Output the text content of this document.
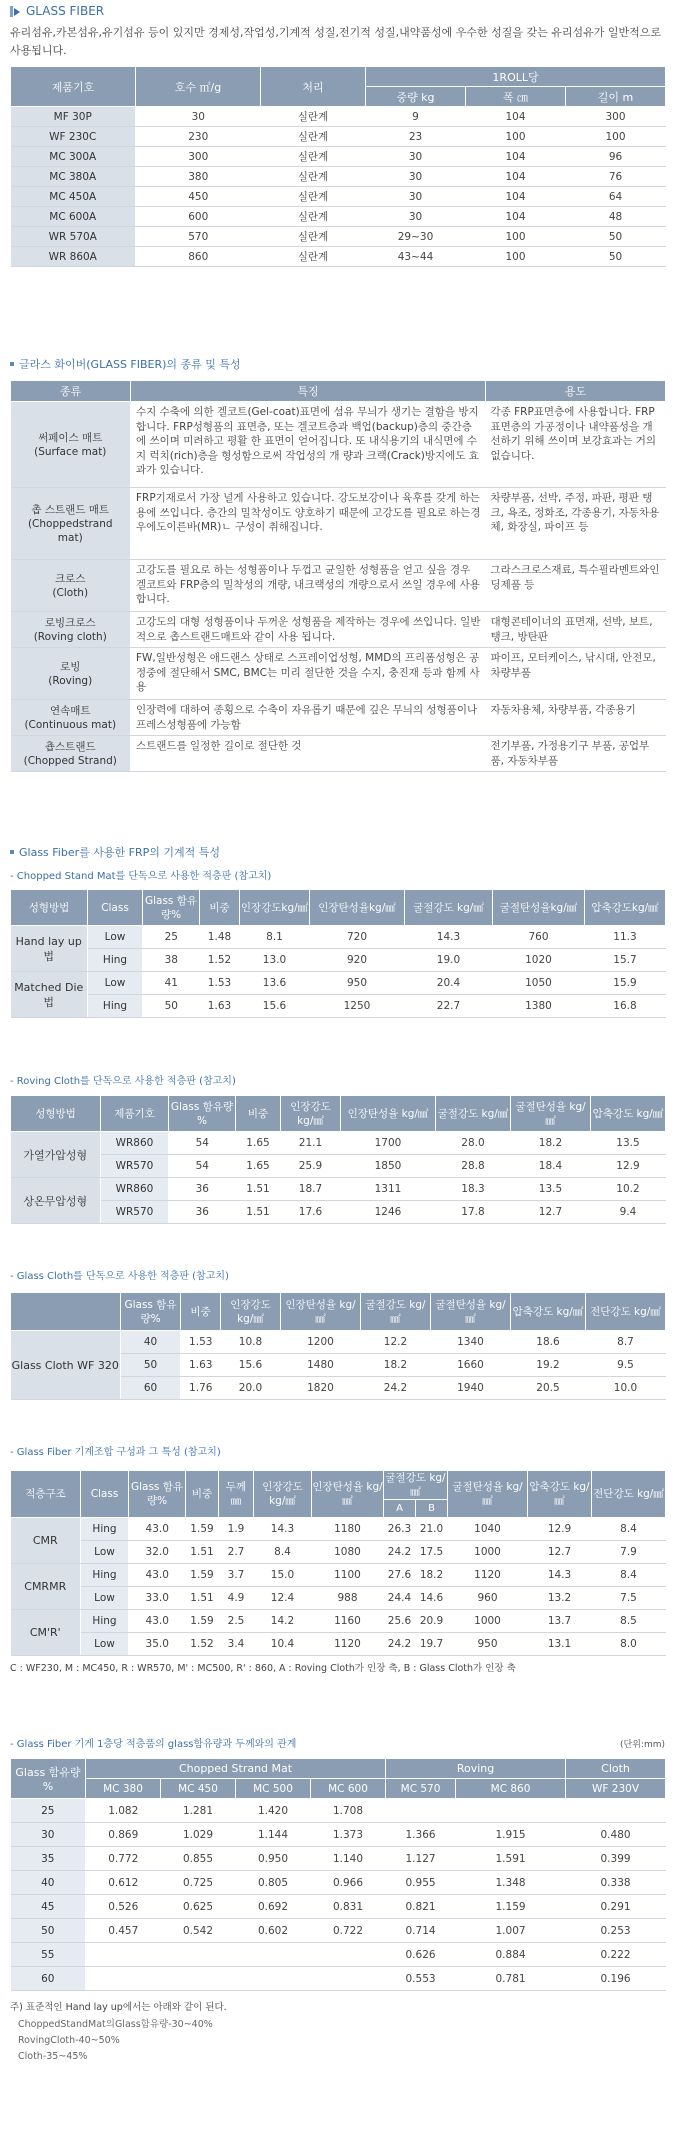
GLASS FIBER
유리섬유,카본섬유,유기섬유 등이 있지만 경제성,작업성,기계적 성질,전기적 성질,내약품성에 우수한 성질을 갖는 유리섬유가 일반적으로 사용됩니다.
제품기호	호수 ㎡/g	처리	1ROLL당		
			중량 kg	폭 ㎝	길이 m
MF 30P	30	실란계	9	104	300
WF 230C	230	실란계	23	100	100
MC 300A	300	실란계	30	104	96
MC 380A	380	실란계	30	104	76
MC 450A	450	실란계	30	104	64
MC 600A	600	실란계	30	104	48
WR 570A	570	실란계	29~30	100	50
WR 860A	860	실란계	43~44	100	50
글라스 화이버(GLASS FIBER)의 종류 및 특성
종류	특징	용도
써페이스 매트
(Surface mat)	수지 수축에 의한 겔코트(Gel-coat)표면에 섬유 무늬가 생기는 결함을 방지합니다. FRP성형품의 표면층, 또는 겔코트층과 백업(backup)층의 중간층에 쓰이며 미려하고 평활 한 표면이 얻어집니다. 또 내식용기의 내식면에 수지 럭치(rich)층을 형성함으로써 작업성의 개 량과 크랙(Crack)방지에도 효과가 있습니다.	각종 FRP표면층에 사용합니다. FRP표면층의 가공정이나 내약품성을 개선하기 위해 쓰이며 보강효과는 거의 없습니다.
촙 스트랜드 매트
(Choppedstrand
mat)	FRP기재로서 가장 널게 사용하고 있습니다. 강도보강이나 육후를 갖게 하는 용에 쓰입니다. 층간의 밀착성이도 양호하기 때문에 고강도를 필요로 하는경우에도이른바(MR)ㄴ 구성이 취해집니다.	차량부품, 선박, 주정, 파판, 평판 탱크, 욕조, 정화조, 각종용기, 자동차용체, 화장실, 파이프 등
크로스
(Cloth)	고강도를 필요로 하는 성형품이나 두껍고 균일한 성형품을 얻고 싶을 경우 겔코트와 FRP층의 밀착성의 개량, 내크랙성의 개량으로서 쓰일 경우에 사용합니다.	그라스크로스재료, 특수필라멘트와인딩제품 등
로빙크로스
(Roving cloth)	고강도의 대형 성형품이나 두꺼운 성형품을 제작하는 경우에 쓰입니다. 일반적으로 촙스트랜드매트와 같이 사용 됩니다.	대형콘테이너의 표면재, 선박, 보트, 탱크, 방탄판
로빙
(Roving)	FW,일반성형은 애드랜스 상태로 스프레이업성형, MMD의 프리폼성형은 공정중에 절단해서 SMC, BMC는 미리 절단한 것을 수지, 충진재 등과 함께 사용	파이프, 모터케이스, 낚시대, 안전모, 차량부품
연속매트
(Continuous mat)	인장력에 대하여 종횡으로 수축이 자유롭기 때문에 깊은 무늬의 성형품이나 프레스성형품에 가능함	자동차용체, 차량부품, 각종용기
춉스트랜드
(Chopped Strand)	스트랜드를 일정한 길이로 절단한 것	전기부품, 가정용기구 부품, 공업부품, 자동차부품
Glass Fiber를 사용한 FRP의 기계적 특성
- Chopped Stand Mat를 단독으로 사용한 적층판 (참고치)
성형방법	Class	Glass 함유량%	비중	인장강도kg/㎟	인장탄성율kg/㎟	굴절강도 kg/㎟	굴절탄성율kg/㎟	압축강도kg/㎟
Hand lay up법	Low	25	1.48	8.1	720	14.3	760	11.3
	Hing	38	1.52	13.0	920	19.0	1020	15.7
Matched Die법	Low	41	1.53	13.6	950	20.4	1050	15.9
	Hing	50	1.63	15.6	1250	22.7	1380	16.8
- Roving Cloth를 단독으로 사용한 적층판 (참고치)
성형방법	제품기호	Glass 함유량 %	비중	인장강도 kg/㎟	인장탄성율 kg/㎟	굴절강도 kg/㎟	굴절탄성율 kg/㎟	압축강도 kg/㎟
가열가압성형	WR860	54	1.65	21.1	1700	28.0	18.2	13.5
	WR570	54	1.65	25.9	1850	28.8	18.4	12.9
상온무압성형	WR860	36	1.51	18.7	1311	18.3	13.5	10.2
	WR570	36	1.51	17.6	1246	17.8	12.7	9.4
- Glass Cloth를 단독으로 사용한 적층판 (참고치)
	Glass 함유량%	비중	인장강도 kg/㎟	인장탄성율 kg/㎟	굴절강도 kg/㎟	굴절탄성율 kg/㎟	압축강도 kg/㎟	전단강도 kg/㎟
Glass Cloth WF 320	40	1.53	10.8	1200	12.2	1340	18.6	8.7
	50	1.63	15.6	1480	18.2	1660	19.2	9.5
	60	1.76	20.0	1820	24.2	1940	20.5	10.0
- Glass Fiber 기계조합 구성과 그 특성 (참고치)
적층구조	Class	Glass 함유량%	비중	두께 ㎜	인장강도 kg/㎟	인장탄성율 kg/㎟	굴절강도 kg/㎟		굴절탄성율 kg/㎟	압축강도 kg/㎟	전단강도 kg/㎟
							A	B			
CMR	Hing	43.0	1.59	1.9	14.3	1180	26.3	21.0	1040	12.9	8.4
	Low	32.0	1.51	2.7	8.4	1080	24.2	17.5	1000	12.7	7.9
CMRMR	Hing	43.0	1.59	3.7	15.0	1100	27.6	18.2	1120	14.3	8.4
	Low	33.0	1.51	4.9	12.4	988	24.4	14.6	960	13.2	7.5
CM'R'	Hing	43.0	1.59	2.5	14.2	1160	25.6	20.9	1000	13.7	8.5
	Low	35.0	1.52	3.4	10.4	1120	24.2	19.7	950	13.1	8.0
C : WF230, M : MC450, R : WR570, M' : MC500, R' : 860, A : Roving Cloth가 인장 축, B : Glass Cloth가 인장 축
- Glass Fiber 기게 1층당 적층품의 glass함유량과 두께와의 관계	(단위:mm)
Glass 함유량 %	Chopped Strand Mat				Roving		Cloth
	MC 380	MC 450	MC 500	MC 600	MC 570	MC 860	WF 230V
25	1.082	1.281	1.420	1.708			
30	0.869	1.029	1.144	1.373	1.366	1.915	0.480
35	0.772	0.855	0.950	1.140	1.127	1.591	0.399
40	0.612	0.725	0.805	0.966	0.955	1.348	0.338
45	0.526	0.625	0.692	0.831	0.821	1.159	0.291
50	0.457	0.542	0.602	0.722	0.714	1.007	0.253
55					0.626	0.884	0.222
60					0.553	0.781	0.196
주) 표준적인 Hand lay up에서는 아래와 같이 된다.
ChoppedStandMat의Glass함유량-30~40%
RovingCloth-40~50%
Cloth-35~45%
